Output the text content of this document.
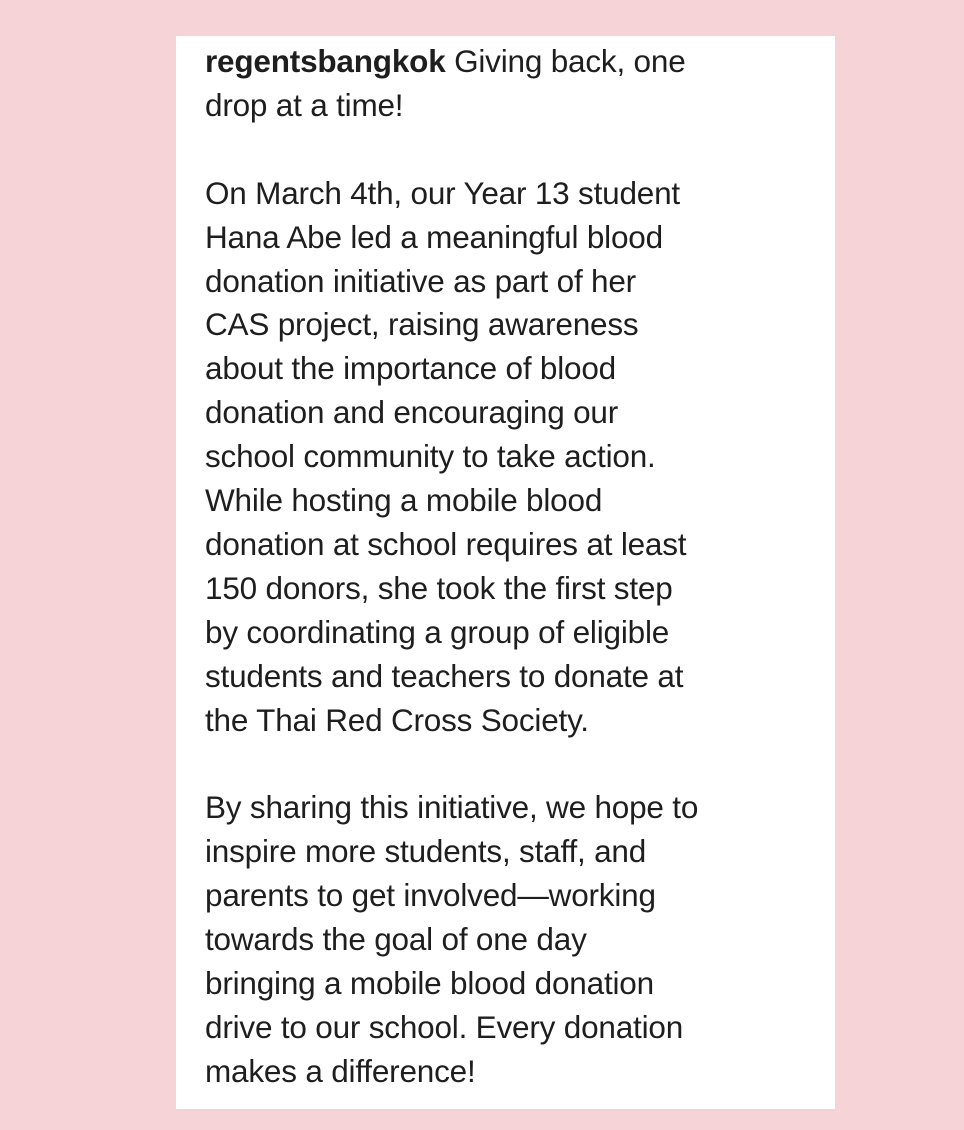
regentsbangkok Giving back, one
drop at a time!

On March 4th, our Year 13 student
Hana Abe led a meaningful blood
donation initiative as part of her
CAS project, raising awareness
about the importance of blood
donation and encouraging our
school community to take action.
While hosting a mobile blood
donation at school requires at least
150 donors, she took the first step
by coordinating a group of eligible
students and teachers to donate at
the Thai Red Cross Society.

By sharing this initiative, we hope to
inspire more students, staff, and
parents to get involved—working
towards the goal of one day
bringing a mobile blood donation
drive to our school. Every donation
makes a difference!
